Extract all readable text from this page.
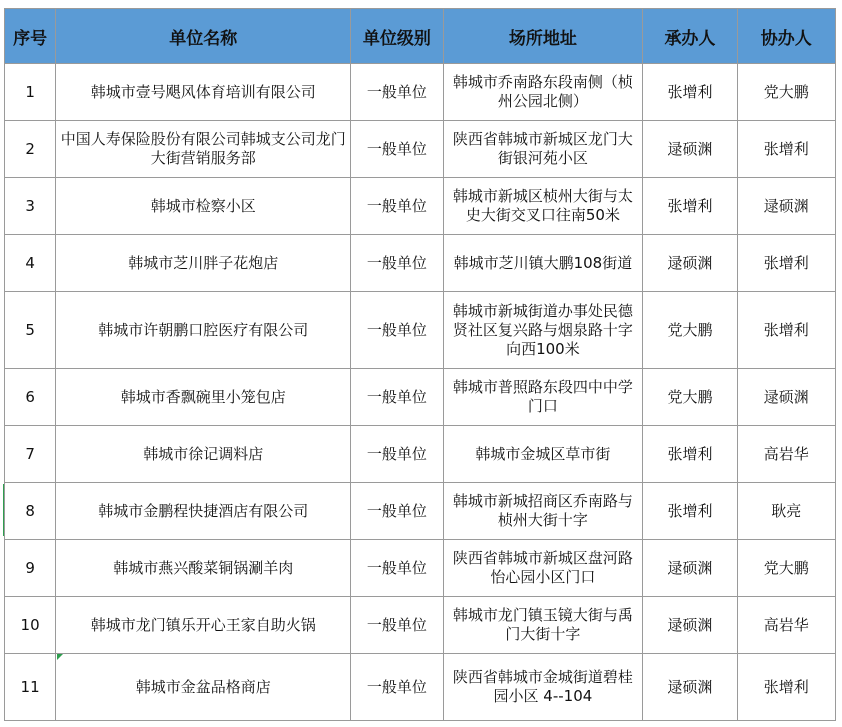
序号	单位名称	单位级别	场所地址	承办人	协办人
1	韩城市壹号飓风体育培训有限公司	一般单位	韩城市乔南路东段南侧（桢州公园北侧）	张增利	党大鹏
2	中国人寿保险股份有限公司韩城支公司龙门大街营销服务部	一般单位	陕西省韩城市新城区龙门大街银河苑小区	逯硕渊	张增利
3	韩城市检察小区	一般单位	韩城市新城区桢州大街与太史大街交叉口往南50米	张增利	逯硕渊
4	韩城市芝川胖子花炮店	一般单位	韩城市芝川镇大鹏108街道	逯硕渊	张增利
5	韩城市许朝鹏口腔医疗有限公司	一般单位	韩城市新城街道办事处民德贤社区复兴路与烟泉路十字向西100米	党大鹏	张增利
6	韩城市香飘碗里小笼包店	一般单位	韩城市普照路东段四中中学门口	党大鹏	逯硕渊
7	韩城市徐记调料店	一般单位	韩城市金城区草市街	张增利	高岩华
8	韩城市金鹏程快捷酒店有限公司	一般单位	韩城市新城招商区乔南路与桢州大街十字	张增利	耿亮
9	韩城市燕兴酸菜铜锅涮羊肉	一般单位	陕西省韩城市新城区盘河路怡心园小区门口	逯硕渊	党大鹏
10	韩城市龙门镇乐开心王家自助火锅	一般单位	韩城市龙门镇玉镜大街与禹门大街十字	逯硕渊	高岩华
11	韩城市金盆品格商店	一般单位	陕西省韩城市金城街道碧桂园小区 4--104	逯硕渊	张增利
